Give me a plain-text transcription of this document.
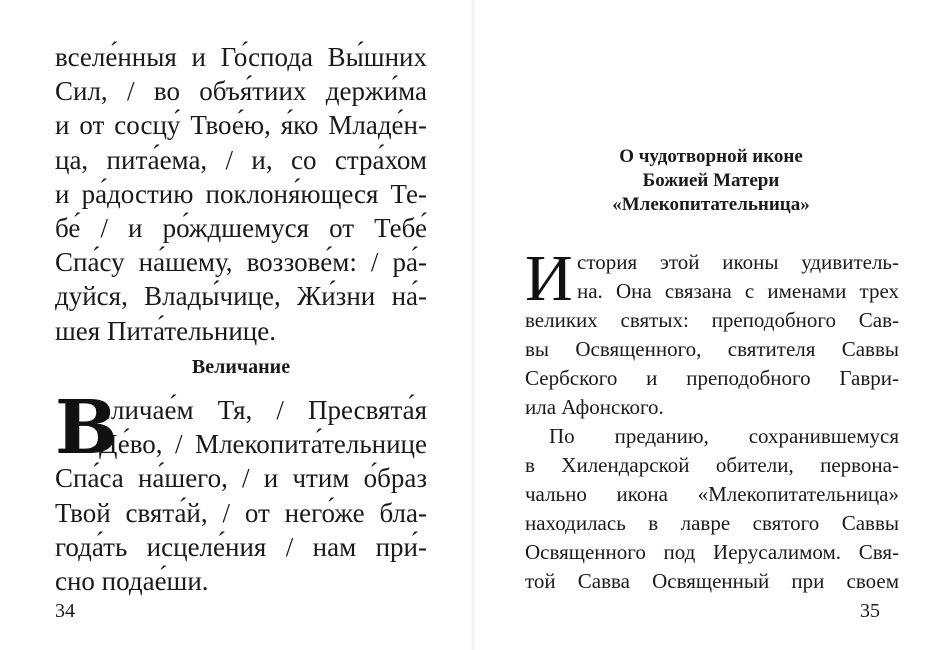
вселе́нныя и Го́спода Вы́шних
Сил, / во объя́тиих держи́ма
и от сосцу́ Твое́ю, я́ко Младе́н-
ца, пита́ема, / и, со стра́хом
и ра́достию поклоня́ющеся Те-
бе́ / и ро́ждшемуся от Тебе́
Спа́су на́шему, воззове́м: / ра́-
дуйся, Влады́чице, Жи́зни на́-
шея Пита́тельнице.
Величание
В
еличае́м Тя, / Пресвята́я
Де́во, / Млекопита́тельнице
Спа́са на́шего, / и чтим о́браз
Твой свята́й, / от него́же бла-
года́ть исцеле́ния / нам при́-
сно подае́ши.
34
О чудотворной иконе
Божией Матери
«Млекопитательница»
И стория этой иконы удивитель-
на. Она связана с именами трех
великих святых: преподобного Сав-
вы Освященного, святителя Саввы
Сербского и преподобного Гаври-
ила Афонского.
По преданию, сохранившемуся
в Хилендарской обители, первона-
чально икона «Млекопитательница»
находилась в лавре святого Саввы
Освященного под Иерусалимом. Свя-
той Савва Освященный при своем
35
